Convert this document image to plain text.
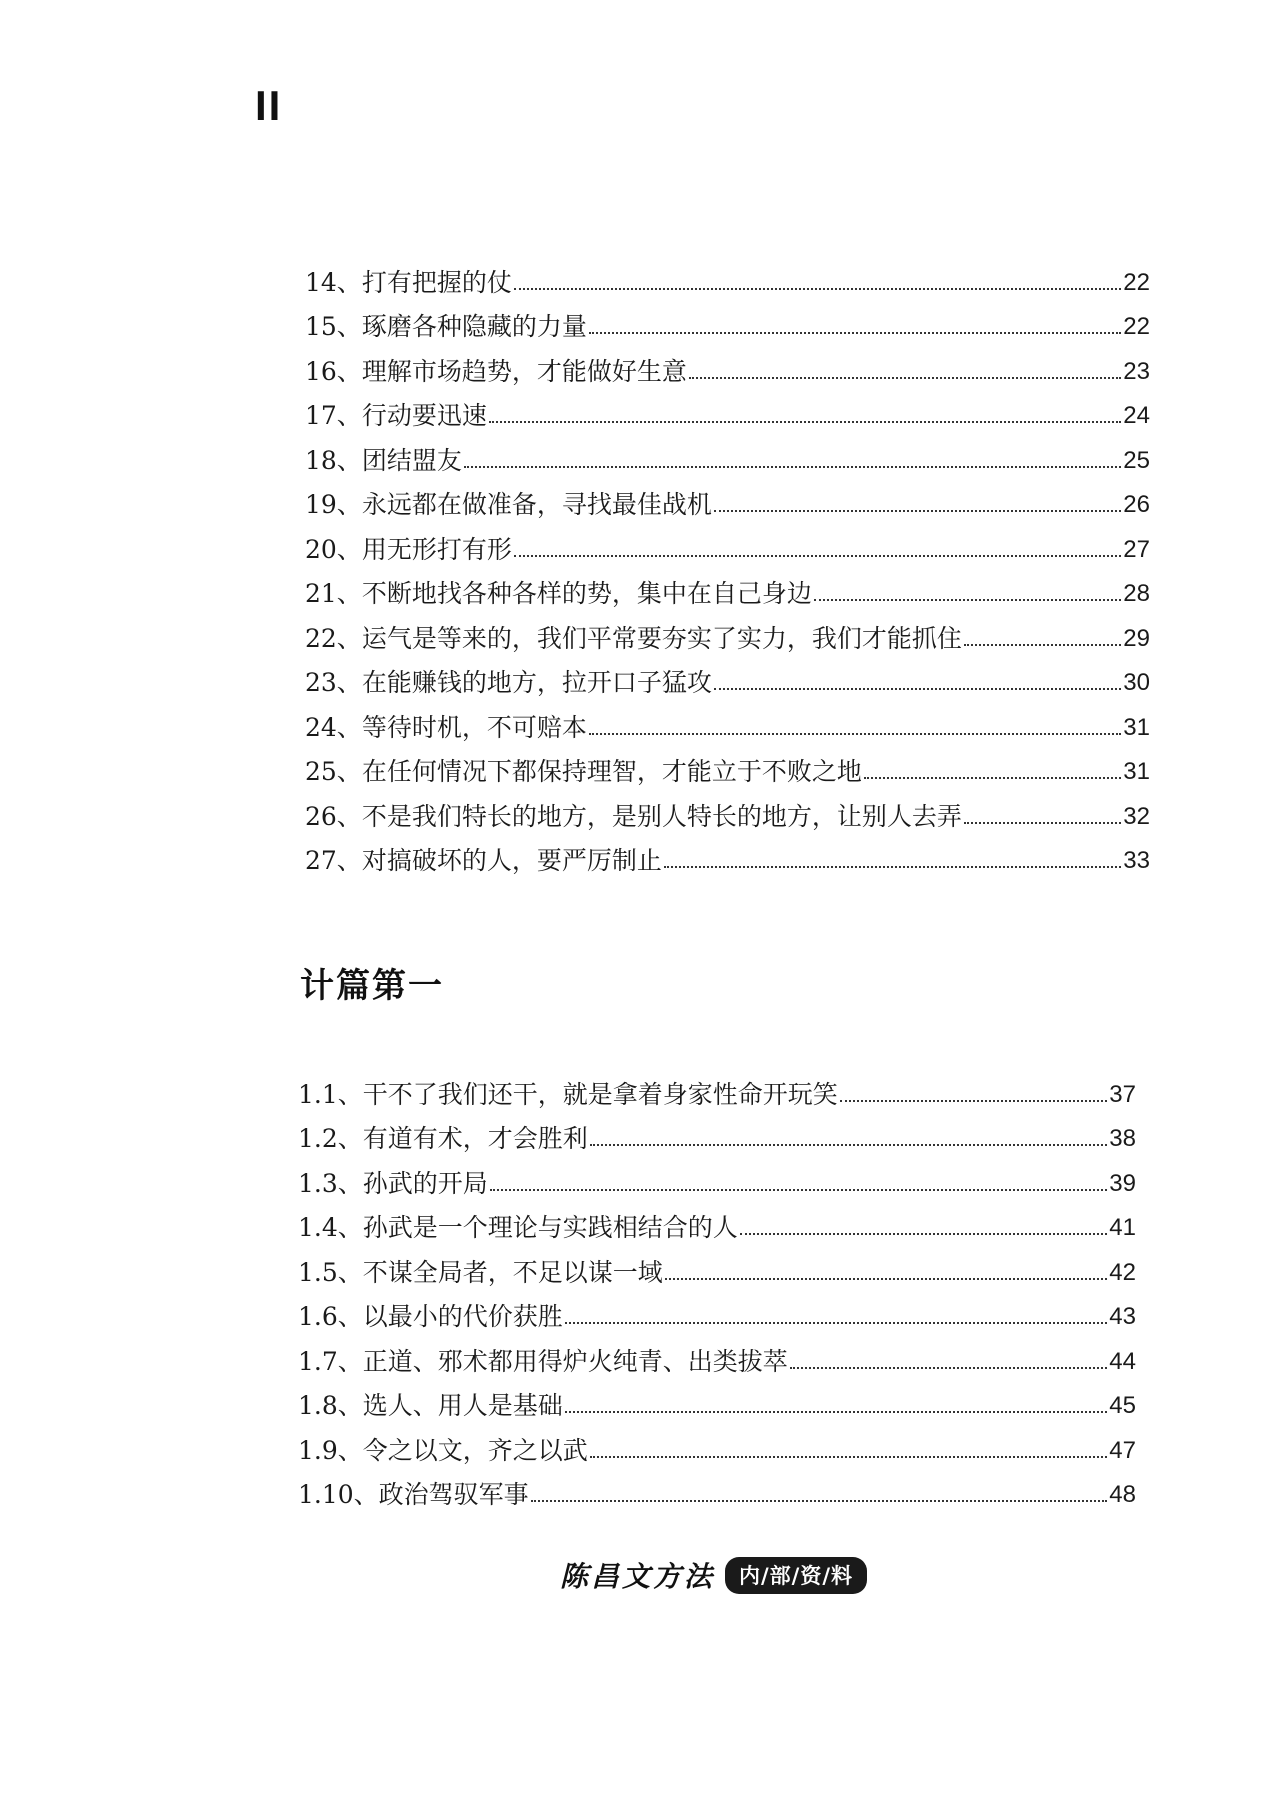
II
14、 打有把握的仗	22
15、 琢磨各种隐藏的力量	22
16、 理解市场趋势，才能做好生意	23
17、 行动要迅速	24
18、 团结盟友	25
19、 永远都在做准备，寻找最佳战机	26
20、 用无形打有形	27
21、 不断地找各种各样的势，集中在自己身边	28
22、 运气是等来的，我们平常要夯实了实力，我们才能抓住	29
23、 在能赚钱的地方，拉开口子猛攻	30
24、 等待时机，不可赔本	31
25、 在任何情况下都保持理智，才能立于不败之地	31
26、 不是我们特长的地方，是别人特长的地方，让别人去弄	32
27、 对搞破坏的人，要严厉制止	33
计篇第一
1.1、 干不了我们还干，就是拿着身家性命开玩笑	37
1.2、 有道有术，才会胜利	38
1.3、 孙武的开局	39
1.4、 孙武是一个理论与实践相结合的人	41
1.5、 不谋全局者，不足以谋一域	42
1.6、 以最小的代价获胜	43
1.7、 正道、邪术都用得炉火纯青、出类拔萃	44
1.8、 选人、用人是基础	45
1.9、 令之以文，齐之以武	47
1.10、 政治驾驭军事	48
陈昌文方法	内/部/资/料
